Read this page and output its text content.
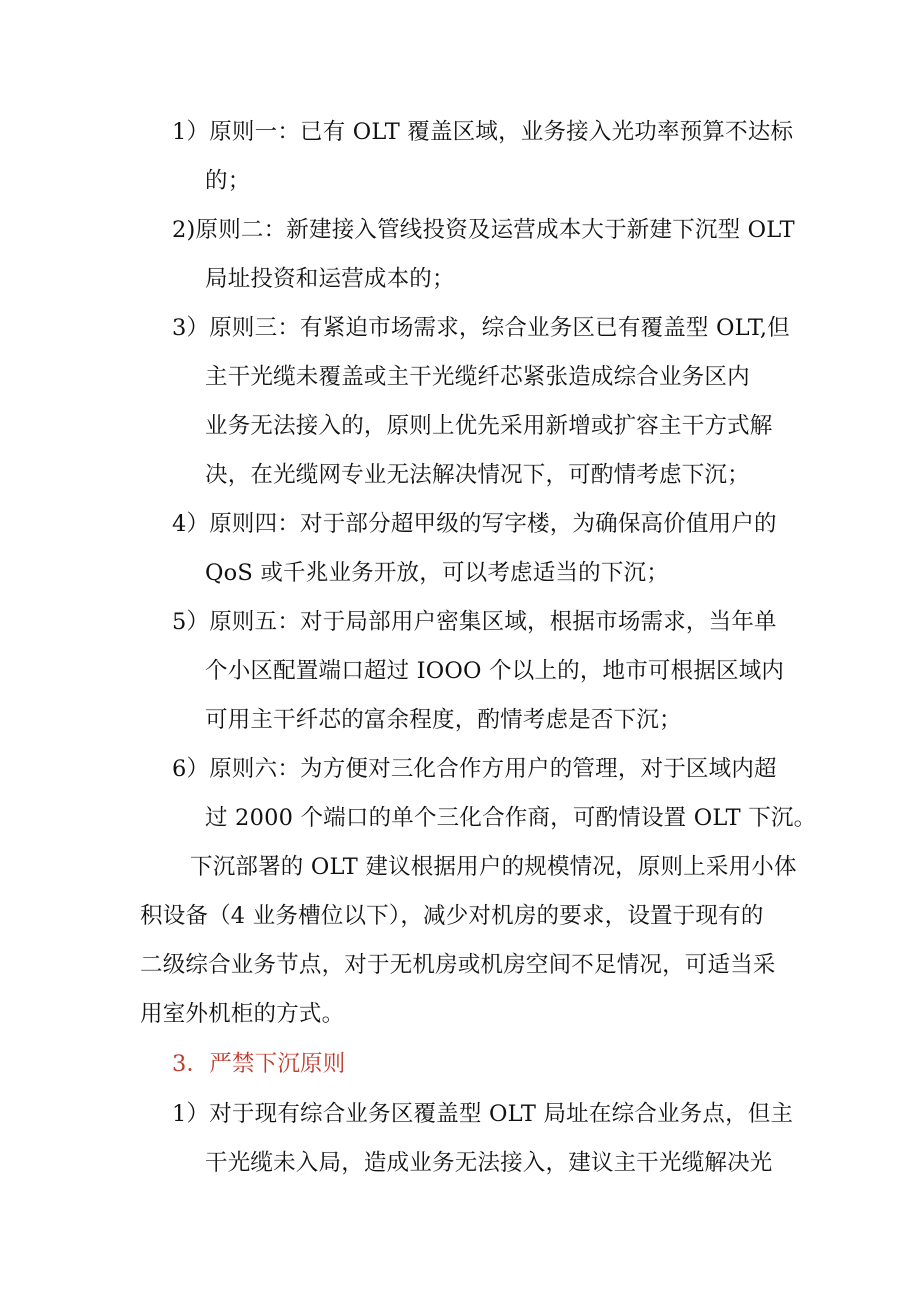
1）原则一：已有 OLT 覆盖区域，业务接入光功率预算不达标

的；

2)原则二：新建接入管线投资及运营成本大于新建下沉型 OLT

局址投资和运营成本的；

3）原则三：有紧迫市场需求，综合业务区已有覆盖型 OLT,但

主干光缆未覆盖或主干光缆纤芯紧张造成综合业务区内

业务无法接入的，原则上优先采用新增或扩容主干方式解

决，在光缆网专业无法解决情况下，可酌情考虑下沉；

4）原则四：对于部分超甲级的写字楼，为确保高价值用户的

QoS 或千兆业务开放，可以考虑适当的下沉；

5）原则五：对于局部用户密集区域，根据市场需求，当年单

个小区配置端口超过 IOOO 个以上的，地市可根据区域内

可用主干纤芯的富余程度，酌情考虑是否下沉；

6）原则六：为方便对三化合作方用户的管理，对于区域内超

过 2000 个端口的单个三化合作商，可酌情设置 OLT 下沉。

下沉部署的 OLT 建议根据用户的规模情况，原则上采用小体

积设备（4 业务槽位以下），减少对机房的要求，设置于现有的

二级综合业务节点，对于无机房或机房空间不足情况，可适当采

用室外机柜的方式。

3．严禁下沉原则

1）对于现有综合业务区覆盖型 OLT 局址在综合业务点，但主

干光缆未入局，造成业务无法接入，建议主干光缆解决光
